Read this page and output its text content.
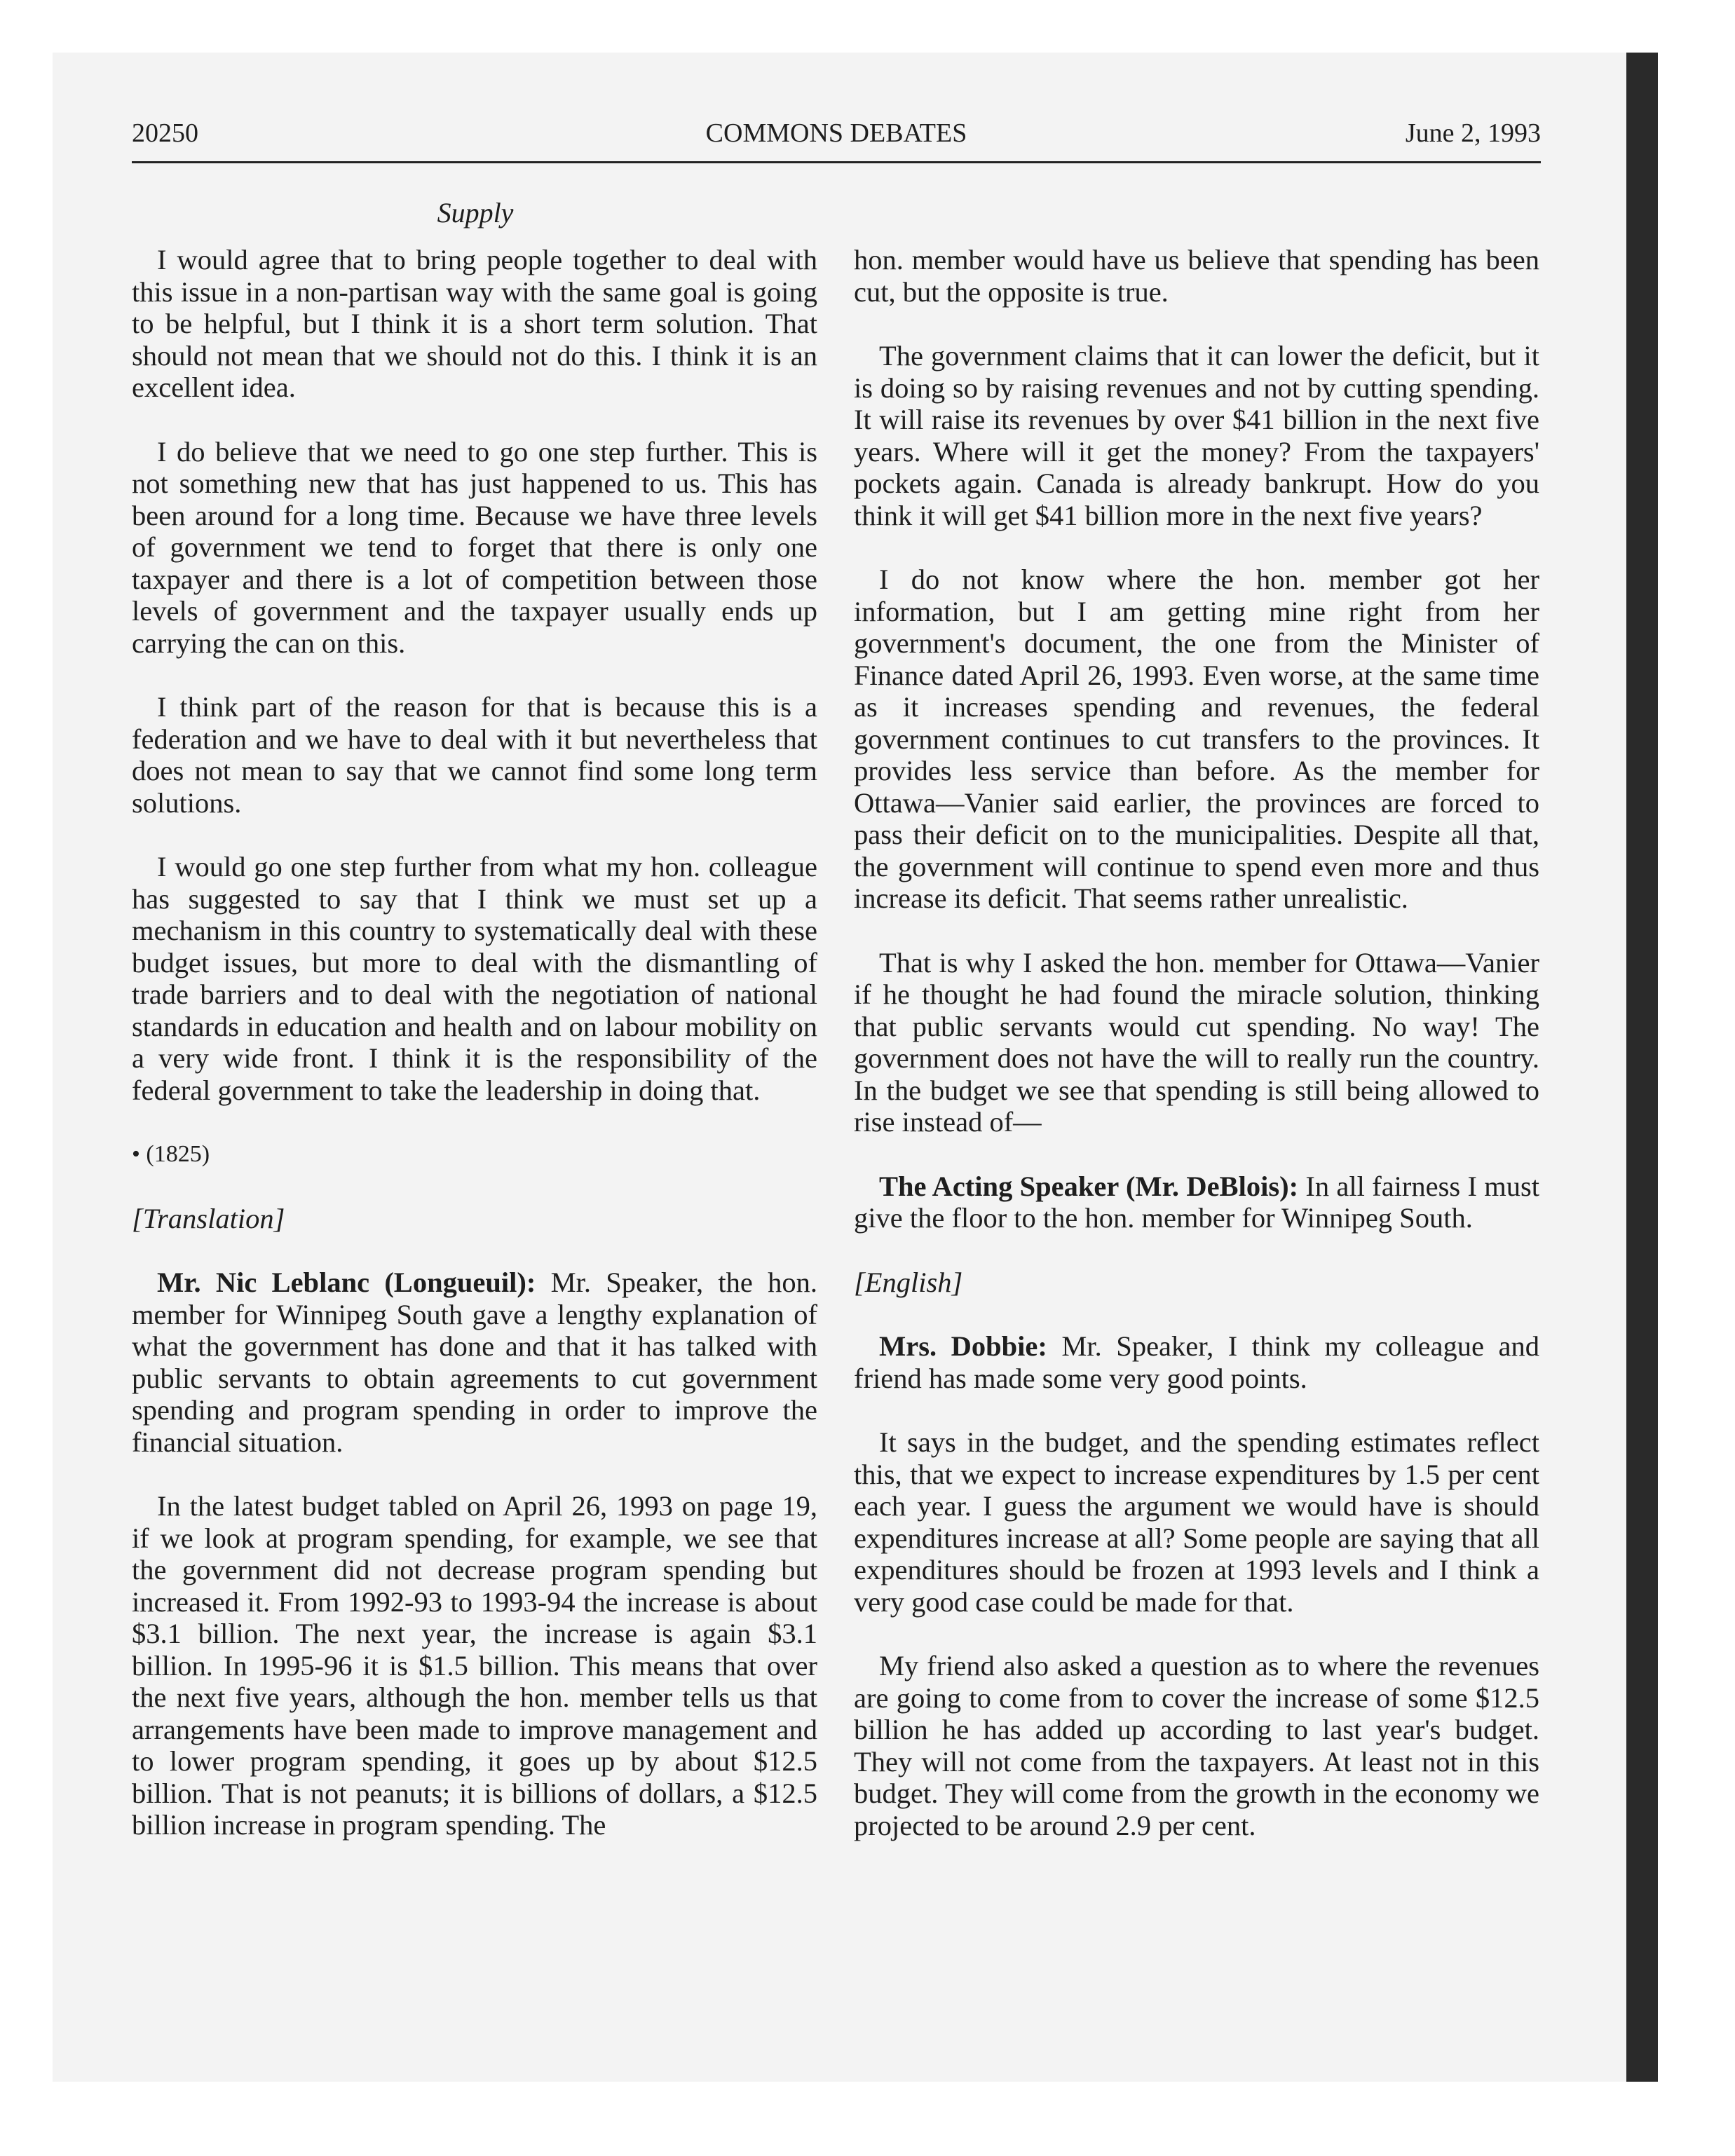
20250	COMMONS DEBATES	June 2, 1993
Supply

I would agree that to bring people together to deal with this issue in a non-partisan way with the same goal is going to be helpful, but I think it is a short term solution. That should not mean that we should not do this. I think it is an excellent idea.

I do believe that we need to go one step further. This is not something new that has just happened to us. This has been around for a long time. Because we have three levels of government we tend to forget that there is only one taxpayer and there is a lot of competition between those levels of government and the taxpayer usually ends up carrying the can on this.

I think part of the reason for that is because this is a federation and we have to deal with it but nevertheless that does not mean to say that we cannot find some long term solutions.

I would go one step further from what my hon. colleague has suggested to say that I think we must set up a mechanism in this country to systematically deal with these budget issues, but more to deal with the dismantling of trade barriers and to deal with the negotiation of national standards in education and health and on labour mobility on a very wide front. I think it is the responsibility of the federal government to take the leadership in doing that.

• (1825)

[Translation]

Mr. Nic Leblanc (Longueuil): Mr. Speaker, the hon. member for Winnipeg South gave a lengthy explanation of what the government has done and that it has talked with public servants to obtain agreements to cut government spending and program spending in order to improve the financial situation.

In the latest budget tabled on April 26, 1993 on page 19, if we look at program spending, for example, we see that the government did not decrease program spending but increased it. From 1992-93 to 1993-94 the increase is about $3.1 billion. The next year, the increase is again $3.1 billion. In 1995-96 it is $1.5 billion. This means that over the next five years, although the hon. member tells us that arrangements have been made to improve management and to lower program spending, it goes up by about $12.5 billion. That is not peanuts; it is billions of dollars, a $12.5 billion increase in program spending. The

hon. member would have us believe that spending has been cut, but the opposite is true.

The government claims that it can lower the deficit, but it is doing so by raising revenues and not by cutting spending. It will raise its revenues by over $41 billion in the next five years. Where will it get the money? From the taxpayers' pockets again. Canada is already bankrupt. How do you think it will get $41 billion more in the next five years?

I do not know where the hon. member got her information, but I am getting mine right from her government's document, the one from the Minister of Finance dated April 26, 1993. Even worse, at the same time as it increases spending and revenues, the federal government continues to cut transfers to the provinces. It provides less service than before. As the member for Ottawa—Vanier said earlier, the provinces are forced to pass their deficit on to the municipalities. Despite all that, the government will continue to spend even more and thus increase its deficit. That seems rather unrealistic.

That is why I asked the hon. member for Ottawa—Vanier if he thought he had found the miracle solution, thinking that public servants would cut spending. No way! The government does not have the will to really run the country. In the budget we see that spending is still being allowed to rise instead of—

The Acting Speaker (Mr. DeBlois): In all fairness I must give the floor to the hon. member for Winnipeg South.

[English]

Mrs. Dobbie: Mr. Speaker, I think my colleague and friend has made some very good points.

It says in the budget, and the spending estimates reflect this, that we expect to increase expenditures by 1.5 per cent each year. I guess the argument we would have is should expenditures increase at all? Some people are saying that all expenditures should be frozen at 1993 levels and I think a very good case could be made for that.

My friend also asked a question as to where the revenues are going to come from to cover the increase of some $12.5 billion he has added up according to last year's budget. They will not come from the taxpayers. At least not in this budget. They will come from the growth in the economy we projected to be around 2.9 per cent.
